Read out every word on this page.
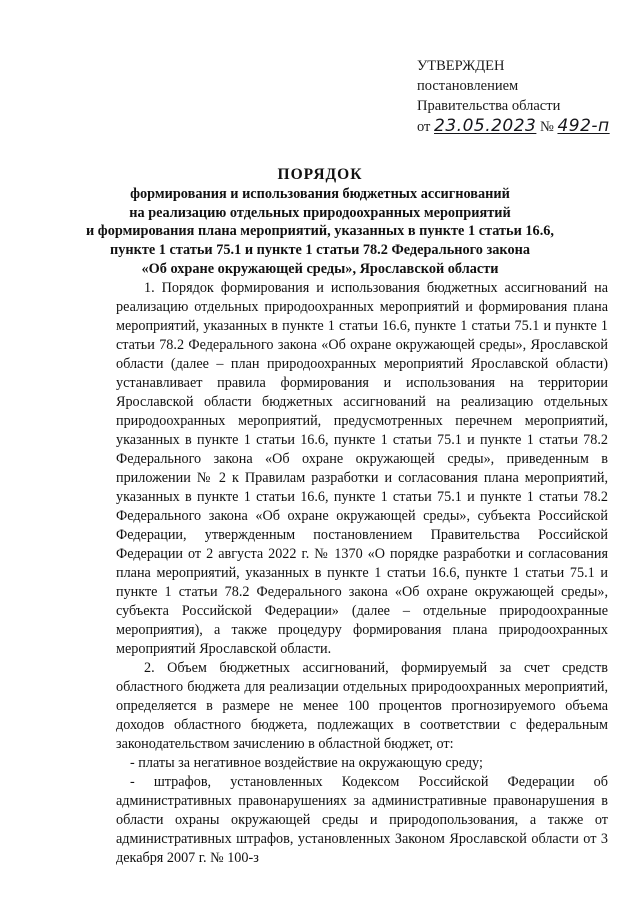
УТВЕРЖДЕН
постановлением
Правительства области
от 23.05.2023 № 492-п
ПОРЯДОК
формирования и использования бюджетных ассигнований
на реализацию отдельных природоохранных мероприятий
и формирования плана мероприятий, указанных в пункте 1 статьи 16.6,
пункте 1 статьи 75.1 и пункте 1 статьи 78.2 Федерального закона
«Об охране окружающей среды», Ярославской области

1. Порядок формирования и использования бюджетных ассигнований на реализацию отдельных природоохранных мероприятий и формирования плана мероприятий, указанных в пункте 1 статьи 16.6, пункте 1 статьи 75.1 и пункте 1 статьи 78.2 Федерального закона «Об охране окружающей среды», Ярославской области (далее – план природоохранных мероприятий Ярославской области) устанавливает правила формирования и использования на территории Ярославской области бюджетных ассигнований на реализацию отдельных природоохранных мероприятий, предусмотренных перечнем мероприятий, указанных в пункте 1 статьи 16.6, пункте 1 статьи 75.1 и пункте 1 статьи 78.2 Федерального закона «Об охране окружающей среды», приведенным в приложении № 2 к Правилам разработки и согласования плана мероприятий, указанных в пункте 1 статьи 16.6, пункте 1 статьи 75.1 и пункте 1 статьи 78.2 Федерального закона «Об охране окружающей среды», субъекта Российской Федерации, утвержденным постановлением Правительства Российской Федерации от 2 августа 2022 г. № 1370 «О порядке разработки и согласования плана мероприятий, указанных в пункте 1 статьи 16.6, пункте 1 статьи 75.1 и пункте 1 статьи 78.2 Федерального закона «Об охране окружающей среды», субъекта Российской Федерации» (далее – отдельные природоохранные мероприятия), а также процедуру формирования плана природоохранных мероприятий Ярославской области.

2. Объем бюджетных ассигнований, формируемый за счет средств областного бюджета для реализации отдельных природоохранных мероприятий, определяется в размере не менее 100 процентов прогнозируемого объема доходов областного бюджета, подлежащих в соответствии с федеральным законодательством зачислению в областной бюджет, от:

- платы за негативное воздействие на окружающую среду;

- штрафов, установленных Кодексом Российской Федерации об административных правонарушениях за административные правонарушения в области охраны окружающей среды и природопользования, а также от административных штрафов, установленных Законом Ярославской области от 3 декабря 2007 г. № 100-з
